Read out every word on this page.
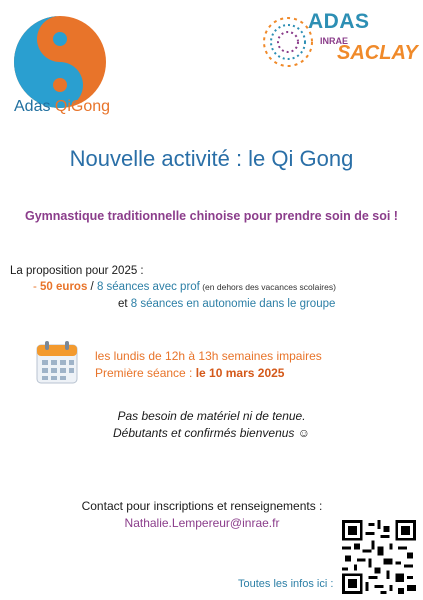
Adas QiGong
ADAS
INRAE
SACLAY
Nouvelle activité : le Qi Gong
Gymnastique traditionnelle chinoise pour prendre soin de soi !
La proposition pour 2025 :
- 50 euros / 8 séances avec prof (en dehors des vacances scolaires)
et 8 séances en autonomie dans le groupe
les lundis de 12h à 13h semaines impaires
Première séance : le 10 mars 2025
Pas besoin de matériel ni de tenue.
Débutants et confirmés bienvenus ☺
Contact pour inscriptions et renseignements :
Nathalie.Lempereur@inrae.fr
Toutes les infos ici :
